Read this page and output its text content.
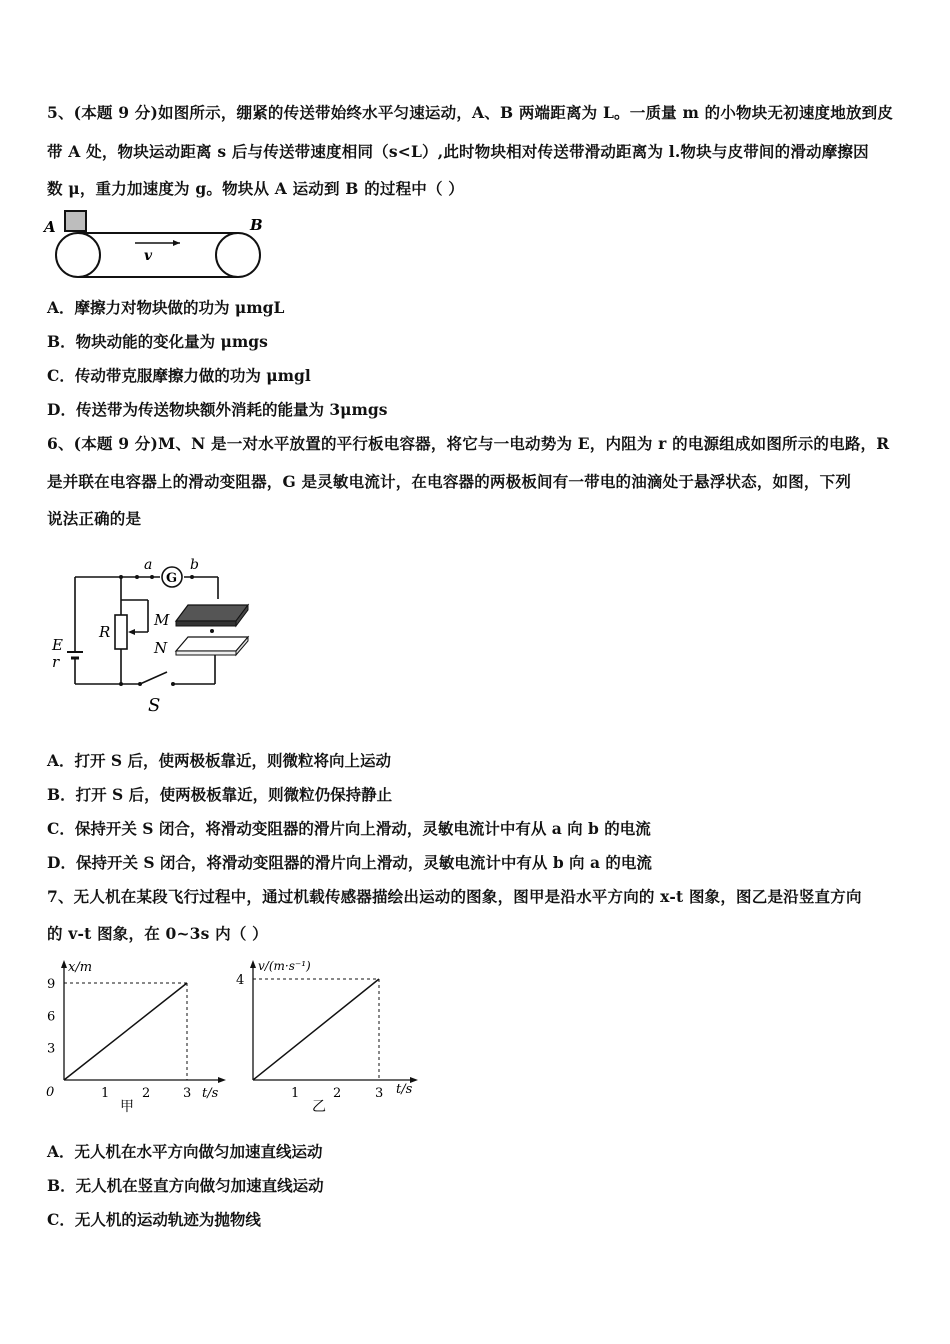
5、(本题 9 分)如图所示，绷紧的传送带始终水平匀速运动，A、B 两端距离为 L。一质量 m 的小物块无初速度地放到皮
带 A 处，物块运动距离 s 后与传送带速度相同（s<L）,此时物块相对传送带滑动距离为 l.物块与皮带间的滑动摩擦因
数 μ，重力加速度为 g。物块从 A 运动到 B 的过程中（ ）
A
v
B
A．摩擦力对物块做的功为 μmgL
B．物块动能的变化量为 μmgs
C．传动带克服摩擦力做的功为 μmgl
D．传送带为传送物块额外消耗的能量为 3μmgs
6、(本题 9 分)M、N 是一对水平放置的平行板电容器，将它与一电动势为 E，内阻为 r 的电源组成如图所示的电路，R
是并联在电容器上的滑动变阻器，G 是灵敏电流计，在电容器的两极板间有一带电的油滴处于悬浮状态，如图，下列
说法正确的是
G
a	b
M
N
R
E
r
S
A．打开 S 后，使两极板靠近，则微粒将向上运动
B．打开 S 后，使两极板靠近，则微粒仍保持静止
C．保持开关 S 闭合，将滑动变阻器的滑片向上滑动，灵敏电流计中有从 a 向 b 的电流
D．保持开关 S 闭合，将滑动变阻器的滑片向上滑动，灵敏电流计中有从 b 向 a 的电流
7、无人机在某段飞行过程中，通过机载传感器描绘出运动的图象，图甲是沿水平方向的 x-t 图象，图乙是沿竖直方向
的 v-t 图象，在 0~3s 内（ ）
x/m
t/s
0	1	2	3
3
6
9
甲
v/(m·s⁻¹)
t/s
1	2	3
4
乙
A．无人机在水平方向做匀加速直线运动
B．无人机在竖直方向做匀加速直线运动
C．无人机的运动轨迹为抛物线
